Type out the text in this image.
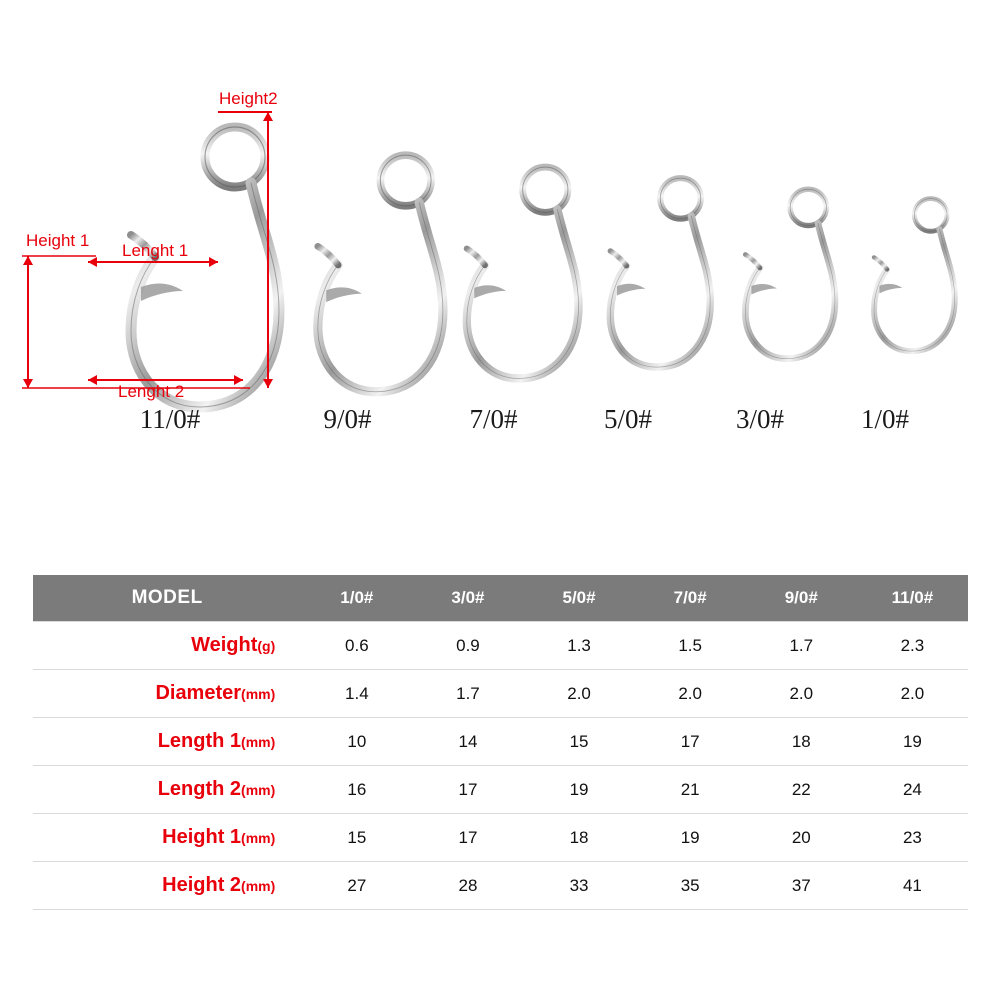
Height2
Height 1
Lenght 1
Lenght 2
11/0#	9/0#	7/0#	5/0#	3/0#	1/0#
MODEL	1/0#	3/0#	5/0#	7/0#	9/0#	11/0#
Weight(g)	0.6	0.9	1.3	1.5	1.7	2.3
Diameter(mm)	1.4	1.7	2.0	2.0	2.0	2.0
Length 1(mm)	10	14	15	17	18	19
Length 2(mm)	16	17	19	21	22	24
Height 1(mm)	15	17	18	19	20	23
Height 2(mm)	27	28	33	35	37	41
